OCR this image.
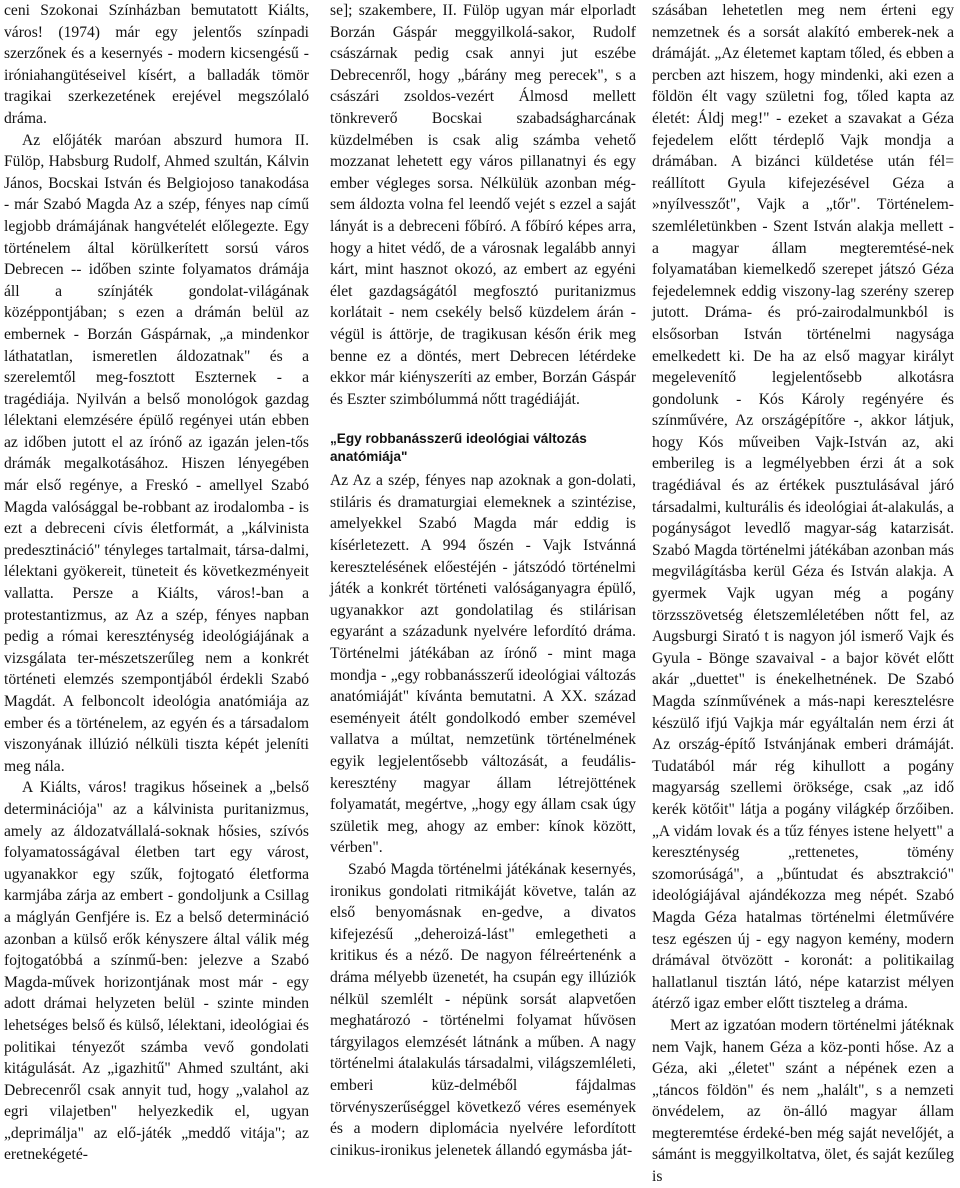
ceni Szokonai Színházban bemutatott Kiálts, város! (1974) már egy jelentős színpadi szerzőnek és a kesernyés - modern kicsengésű - iróniahangütéseivel kísért, a balladák tömör tragikai szerkezetének erejével megszólaló dráma.

Az előjáték maróan abszurd humora II. Fülöp, Habsburg Rudolf, Ahmed szultán, Kálvin János, Bocskai István és Belgiojoso tanakodása - már Szabó Magda Az a szép, fényes nap című legjobb drámájának hangvételét előlegezte. Egy történelem által körülkerített sorsú város Debrecen -- időben szinte folyamatos drámája áll a színjáték gondolat-világának középpontjában; s ezen a drámán belül az embernek - Borzán Gáspárnak, „a mindenkor láthatatlan, ismeretlen áldozatnak" és a szerelemtől meg-fosztott Eszternek - a tragédiája. Nyilván a belső monológok gazdag lélektani elemzésére épülő regényei után ebben az időben jutott el az írónő az igazán jelen-tős drámák megalkotásához. Hiszen lényegében már első regénye, a Freskó - amellyel Szabó Magda valósággal be-robbant az irodalomba - is ezt a debreceni cívis életformát, a „kálvinista predesztináció" tényleges tartalmait, társa-dalmi, lélektani gyökereit, tüneteit és következményeit vallatta. Persze a Kiálts, város!-ban a protestantizmus, az Az a szép, fényes napban pedig a római kereszténység ideológiájának a vizsgálata ter-mészetszerűleg nem a konkrét történeti elemzés szempontjából érdekli Szabó Magdát. A felboncolt ideológia anatómiája az ember és a történelem, az egyén és a társadalom viszonyának illúzió nélküli tiszta képét jeleníti meg nála.

A Kiálts, város! tragikus hőseinek a „belső determinációja" az a kálvinista puritanizmus, amely az áldozatvállalá-soknak hősies, szívós folyamatosságával életben tart egy várost, ugyanakkor egy szűk, fojtogató életforma karmjába zárja az embert - gondoljunk a Csillag a máglyán Genfjére is. Ez a belső determináció azonban a külső erők kényszere által válik még fojtogatóbbá a színmű-ben: jelezve a Szabó Magda-művek horizontjának most már - egy adott drámai helyzeten belül - szinte minden lehetséges belső és külső, lélektani, ideológiai és politikai tényezőt számba vevő gondolati kitágulását. Az „igazhitű" Ahmed szultánt, aki Debrecenről csak annyit tud, hogy „valahol az egri vilajetben" helyezkedik el, ugyan „deprimálja" az elő-játék „meddő vitája"; az eretnekégeté-

se]; szakembere, II. Fülöp ugyan már elporladt Borzán Gáspár meggyilkolá-sakor, Rudolf császárnak pedig csak annyi jut eszébe Debrecenről, hogy „bárány meg perecek", s a császári zsoldos-vezért Álmosd mellett tönkreverő Bocskai szabadságharcának küzdelmében is csak alig számba vehető mozzanat lehetett egy város pillanatnyi és egy ember végleges sorsa. Nélkülük azonban még-sem áldozta volna fel leendő vejét s ezzel a saját lányát is a debreceni főbíró. A főbíró képes arra, hogy a hitet védő, de a városnak legalább annyi kárt, mint hasznot okozó, az embert az egyéni élet gazdagságától megfosztó puritanizmus korlátait - nem csekély belső küzdelem árán - végül is áttörje, de tragikusan későn érik meg benne ez a döntés, mert Debrecen létérdeke ekkor már kiényszeríti az ember, Borzán Gáspár és Eszter szimbólummá nőtt tragédiáját.

„Egy robbanásszerű ideológiai változás anatómiája"

Az Az a szép, fényes nap azoknak a gon-dolati, stiláris és dramaturgiai elemeknek a szintézise, amelyekkel Szabó Magda már eddig is kísérletezett. A 994 őszén - Vajk Istvánná keresztelésének előestéjén - játszódó történelmi játék a konkrét történeti valóságanyagra épülő, ugyanakkor azt gondolatilag és stilárisan egyaránt a századunk nyelvére lefordító dráma. Történelmi játékában az írónő - mint maga mondja - „egy robbanásszerű ideológiai változás anatómiáját" kívánta bemutatni. A XX. század eseményeit átélt gondolkodó ember szemével vallatva a múltat, nemzetünk történelmének egyik legjelentősebb változását, a feudális-keresztény magyar állam létrejöttének folyamatát, megértve, „hogy egy állam csak úgy születik meg, ahogy az ember: kínok között, vérben".

Szabó Magda történelmi játékának kesernyés, ironikus gondolati ritmikáját követve, talán az első benyomásnak en-gedve, a divatos kifejezésű „deheroizá-lást" emlegetheti a kritikus és a néző. De nagyon félreértenénk a dráma mélyebb üzenetét, ha csupán egy illúziók nélkül szemlélt - népünk sorsát alapvetően meghatározó - történelmi folyamat hűvösen tárgyilagos elemzését látnánk a műben. A nagy történelmi átalakulás társadalmi, világszemléleti, emberi küz-delméből fájdalmas törvényszerűséggel következő véres események és a modern diplomácia nyelvére lefordított cinikus-ironikus jelenetek állandó egymásba ját-

szásában lehetetlen meg nem érteni egy nemzetnek és a sorsát alakító emberek-nek a drámáját. „Az életemet kaptam tőled, és ebben a percben azt hiszem, hogy mindenki, aki ezen a földön élt vagy születni fog, tőled kapta az életét: Áldj meg!" - ezeket a szavakat a Géza fejedelem előtt térdeplő Vajk mondja a drámában. A bizánci küldetése után fél= reállított Gyula kifejezésével Géza a »nyílvesszőt", Vajk a „tőr". Történelem-szemléletünkben - Szent István alakja mellett - a magyar állam megteremtésé-nek folyamatában kiemelkedő szerepet játszó Géza fejedelemnek eddig viszony-lag szerény szerep jutott. Dráma- és pró-zairodalmunkból is elsősorban István történelmi nagysága emelkedett ki. De ha az első magyar királyt megelevenítő legjelentősebb alkotásra gondolunk - Kós Károly regényére és színművére, Az országépítőre -, akkor látjuk, hogy Kós műveiben Vajk-István az, aki emberileg is a legmélyebben érzi át a sok tragédiával és az értékek pusztulásával járó társadalmi, kulturális és ideológiai át-alakulás, a pogányságot levedlő magyar-ság katarzisát. Szabó Magda történelmi játékában azonban más megvilágításba kerül Géza és István alakja. A gyermek Vajk ugyan még a pogány törzsszövetség életszemléletében nőtt fel, az Augsburgi Sirató t is nagyon jól ismerő Vajk és Gyula - Bönge szavaival - a bajor kövét előtt akár „duettet" is énekelhetnének. De Szabó Magda színművének a más-napi keresztelésre készülő ifjú Vajkja már egyáltalán nem érzi át Az ország-építő Istvánjának emberi drámáját. Tudatából már rég kihullott a pogány magyarság szellemi öröksége, csak „az idő kerék kötőit" látja a pogány világkép őrzőiben. „A vidám lovak és a tűz fényes istene helyett" a kereszténység „rettenetes, tömény szomorúságá", a „bűntudat és absztrakció" ideológiájával ajándékozza meg népét. Szabó Magda Géza hatalmas történelmi életművére tesz egészen új - egy nagyon kemény, modern drámával ötvözött - koronát: a politikailag hallatlanul tisztán látó, népe katarzist mélyen átérző igaz ember előtt tiszteleg a dráma.

Mert az igzatóan modern történelmi játéknak nem Vajk, hanem Géza a köz-ponti hőse. Az a Géza, aki „életet" szánt a népének ezen a „táncos földön" és nem „halált", s a nemzeti önvédelem, az ön-álló magyar állam megteremtése érdeké-ben még saját nevelőjét, a sámánt is meggyilkoltatva, ölet, és saját kezűleg is
